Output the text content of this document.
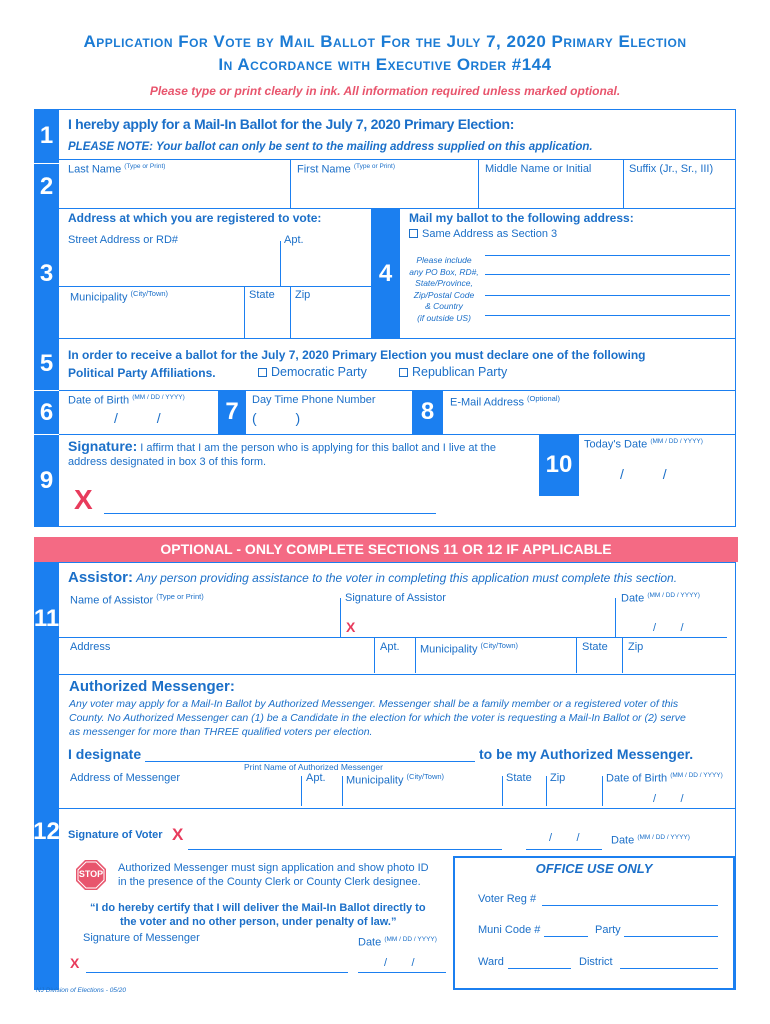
Application For Vote by Mail Ballot For the July 7, 2020 Primary Election
In Accordance with Executive Order #144
Please type or print clearly in ink. All information required unless marked optional.
1
2
I hereby apply for a Mail-In Ballot for the July 7, 2020 Primary Election:
PLEASE NOTE: Your ballot can only be sent to the mailing address supplied on this application.
Last Name $^{(Type or Print)}$	First Name $^{(Type or Print)}$	Middle Name or Initial	Suffix (Jr., Sr., III)
3
Address at which you are registered to vote:
Street Address or RD#	Apt.
Municipality $^{(City/Town)}$	State Zip
4
Mail my ballot to the following address:
Same Address as Section 3
Please include
any PO Box, RD#,
State/Province,
Zip/Postal Code
& Country
(if outside US)
5	In order to receive a ballot for the July 7, 2020 Primary Election you must declare one of the following
Political Party Affiliations.	Democratic Party	Republican Party
6	Date of Birth $^{(MM / DD / YYYY)}$
/          /	7	Day Time Phone Number
(          )	8	E-Mail Address $^{(Optional)}$
9
Signature: I affirm that I am the person who is applying for this ballot and I live at the
address designated in box 3 of this form.
X
10
Today's Date $^{(MM / DD / YYYY)}$
/          /
OPTIONAL - ONLY COMPLETE SECTIONS 11 OR 12 IF APPLICABLE
11
Assistor: Any person providing assistance to the voter in completing this application must complete this section.
Name of Assistor $^{(Type or Print)}$	Signature of Assistor
X
Date $^{(MM / DD / YYYY)}$
/        /
Address	Apt. Municipality $^{(City/Town)}$	State Zip
12
Authorized Messenger:
Any voter may apply for a Mail-In Ballot by Authorized Messenger. Messenger shall be a family member or a registered voter of this
County. No Authorized Messenger can (1) be a Candidate in the election for which the voter is requesting a Mail-In Ballot or (2) serve
as messenger for more than THREE qualified voters per election.
I designate	to be my Authorized Messenger.
Print Name of Authorized Messenger
Address of Messenger	Apt. Municipality $^{(City/Town)}$	State Zip	Date of Birth $^{(MM / DD / YYYY)}$
/        /
Signature of Voter X	/        /	Date $^{(MM / DD / YYYY)}$
STOP	Authorized Messenger must sign application and show photo ID
in the presence of the County Clerk or County Clerk designee.
“I do hereby certify that I will deliver the Mail-In Ballot directly to
the voter and no other person, under penalty of law.”
Signature of Messenger	Date $^{(MM / DD / YYYY)}$
X	/        /
OFFICE USE ONLY
Voter Reg #
Muni Code #	Party
Ward	District
NJ Division of Elections - 05/20
